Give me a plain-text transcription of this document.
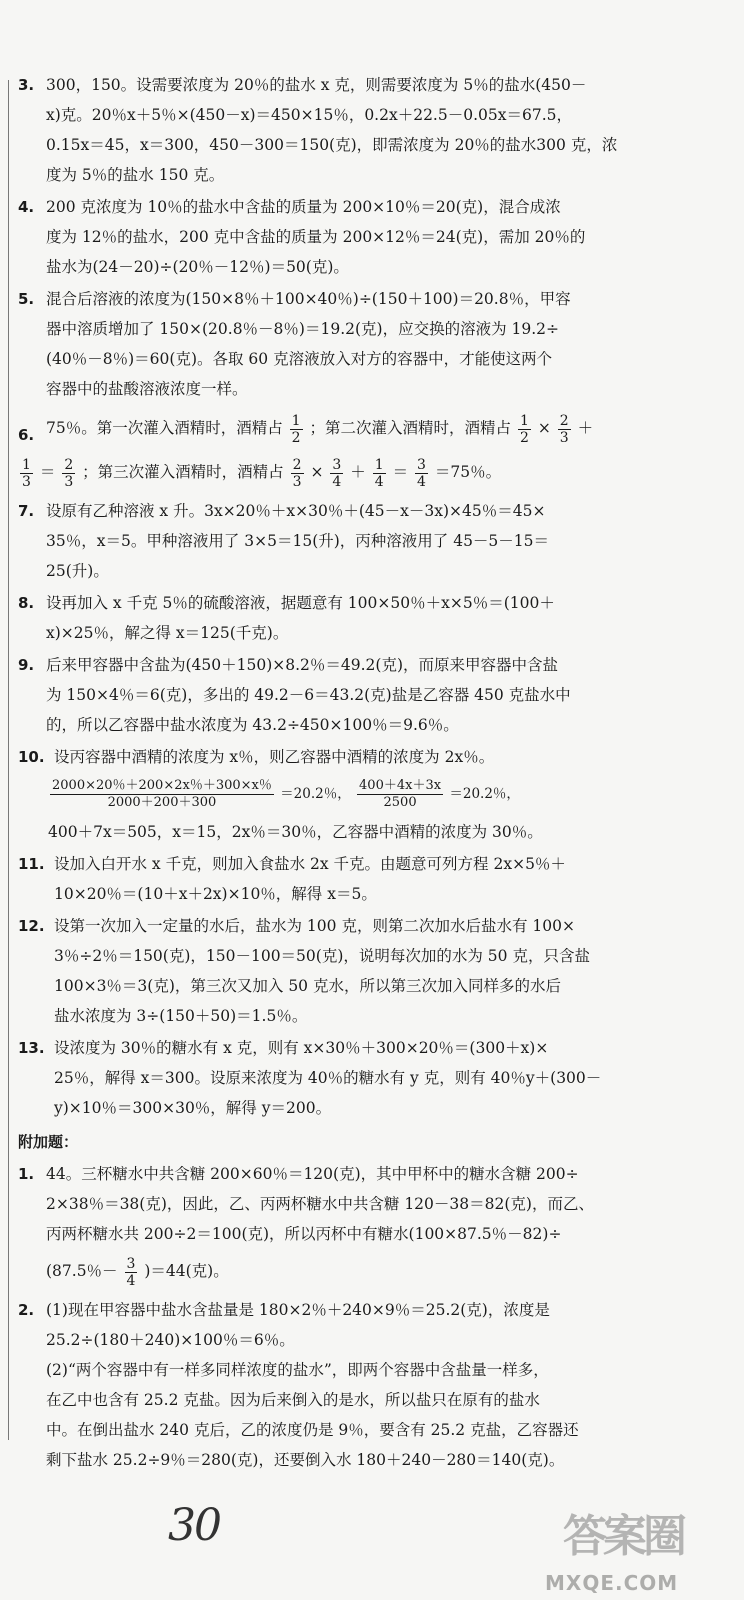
3. 300，150。设需要浓度为 20％的盐水 x 克，则需要浓度为 5％的盐水(450－
x)克。20％x＋5％×(450－x)＝450×15％，0.2x＋22.5－0.05x＝67.5，
0.15x＝45，x＝300，450－300＝150(克)，即需浓度为 20％的盐水300 克，浓
度为 5％的盐水 150 克。
4. 200 克浓度为 10％的盐水中含盐的质量为 200×10％＝20(克)，混合成浓
度为 12％的盐水，200 克中含盐的质量为 200×12％＝24(克)，需加 20％的
盐水为(24－20)÷(20％－12％)＝50(克)。
5. 混合后溶液的浓度为(150×8％＋100×40％)÷(150＋100)＝20.8％，甲容
器中溶质增加了 150×(20.8％－8％)＝19.2(克)，应交换的溶液为 19.2÷
(40％－8％)＝60(克)。各取 60 克溶液放入对方的容器中，才能使这两个
容器中的盐酸溶液浓度一样。
6. 75％。第一次灌入酒精时，酒精占 $\frac{1}{2}$ ；第二次灌入酒精时，酒精占 $\frac{1}{2} \times \frac{2}{3}$ ＋
$\frac{1}{3} = \frac{2}{3}$ ；第三次灌入酒精时，酒精占 $\frac{2}{3} \times \frac{3}{4} + \frac{1}{4} = \frac{3}{4} =75$％。
7. 设原有乙种溶液 x 升。3x×20％＋x×30％＋(45－x－3x)×45％＝45×
35％，x＝5。甲种溶液用了 3×5＝15(升)，丙种溶液用了 45－5－15＝
25(升)。
8. 设再加入 x 千克 5％的硫酸溶液，据题意有 100×50％＋x×5％＝(100＋
x)×25％，解之得 x＝125(千克)。
9. 后来甲容器中含盐为(450＋150)×8.2％＝49.2(克)，而原来甲容器中含盐
为 150×4％＝6(克)，多出的 49.2－6＝43.2(克)盐是乙容器 450 克盐水中
的，所以乙容器中盐水浓度为 43.2÷450×100％＝9.6％。
10. 设丙容器中酒精的浓度为 x％，则乙容器中酒精的浓度为 2x％。
$\frac{2000\times 20\%+200\times 2x\%+300\times x\%}{2000+200+300} =20.2$％， $\frac{400+4x+3x}{2500} =20.2$％，
400＋7x＝505，x＝15，2x％＝30％，乙容器中酒精的浓度为 30％。
11. 设加入白开水 x 千克，则加入食盐水 2x 千克。由题意可列方程 2x×5％＋
10×20％＝(10＋x＋2x)×10％，解得 x＝5。
12. 设第一次加入一定量的水后，盐水为 100 克，则第二次加水后盐水有 100×
3％÷2％＝150(克)，150－100＝50(克)，说明每次加的水为 50 克，只含盐
100×3％＝3(克)，第三次又加入 50 克水，所以第三次加入同样多的水后
盐水浓度为 3÷(150＋50)＝1.5％。
13. 设浓度为 30％的糖水有 x 克，则有 x×30％＋300×20％＝(300＋x)×
25％，解得 x＝300。设原来浓度为 40％的糖水有 y 克，则有 40％y＋(300－
y)×10％＝300×30％，解得 y＝200。
附加题：
1. 44。三杯糖水中共含糖 200×60％＝120(克)，其中甲杯中的糖水含糖 200÷
2×38％＝38(克)，因此，乙、丙两杯糖水中共含糖 120－38＝82(克)，而乙、
丙两杯糖水共 200÷2＝100(克)，所以丙杯中有糖水(100×87.5％－82)÷
(87.5％－ $\frac{3}{4} )=44$(克)。
2. (1)现在甲容器中盐水含盐量是 180×2％＋240×9％＝25.2(克)，浓度是
25.2÷(180＋240)×100％＝6％。
(2)“两个容器中有一样多同样浓度的盐水”，即两个容器中含盐量一样多，
在乙中也含有 25.2 克盐。因为后来倒入的是水，所以盐只在原有的盐水
中。在倒出盐水 240 克后，乙的浓度仍是 9％，要含有 25.2 克盐，乙容器还
剩下盐水 25.2÷9％＝280(克)，还要倒入水 180＋240－280＝140(克)。
30	答案圈
MXQE.COM
